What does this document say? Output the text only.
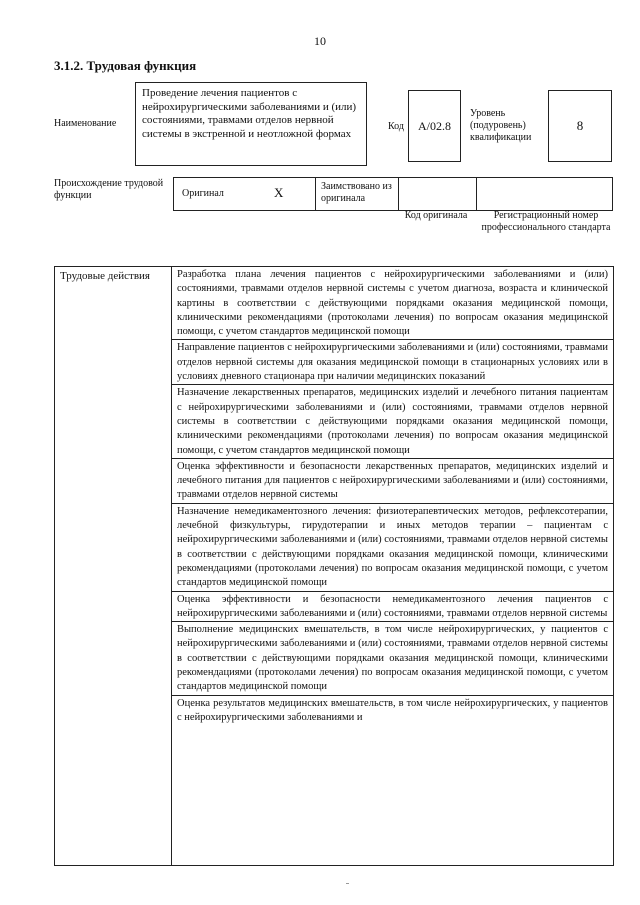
10
3.1.2. Трудовая функция
Наименование
Проведение лечения пациентов с нейрохирургическими заболеваниями и (или) состояниями, травмами отделов нервной системы в экстренной и неотложной формах
Код	А/02.8
Уровень (подуровень) квалификации
8
Происхождение трудовой функции	Оригинал	X	Заимствовано из оригинала
Код оригинала	Регистрационный номер профессионального стандарта
Трудовые действия	Разработка плана лечения пациентов с нейрохирургическими заболеваниями и (или) состояниями, травмами отделов нервной системы с учетом диагноза, возраста и клинической картины в соответствии с действующими порядками оказания медицинской помощи, клиническими рекомендациями (протоколами лечения) по вопросам оказания медицинской помощи, с учетом стандартов медицинской помощи
Направление пациентов с нейрохирургическими заболеваниями и (или) состояниями, травмами отделов нервной системы для оказания медицинской помощи в стационарных условиях или в условиях дневного стационара при наличии медицинских показаний
Назначение лекарственных препаратов, медицинских изделий и лечебного питания пациентам с нейрохирургическими заболеваниями и (или) состояниями, травмами отделов нервной системы в соответствии с действующими порядками оказания медицинской помощи, клиническими рекомендациями (протоколами лечения) по вопросам оказания медицинской помощи, с учетом стандартов медицинской помощи
Оценка эффективности и безопасности лекарственных препаратов, медицинских изделий и лечебного питания для пациентов с нейрохирургическими заболеваниями и (или) состояниями, травмами отделов нервной системы
Назначение немедикаментозного лечения: физиотерапевтических методов, рефлексотерапии, лечебной физкультуры, гирудотерапии и иных методов терапии – пациентам с нейрохирургическими заболеваниями и (или) состояниями, травмами отделов нервной системы в соответствии с действующими порядками оказания медицинской помощи, клиническими рекомендациями (протоколами лечения) по вопросам оказания медицинской помощи, с учетом стандартов медицинской помощи
Оценка эффективности и безопасности немедикаментозного лечения пациентов с нейрохирургическими заболеваниями и (или) состояниями, травмами отделов нервной системы
Выполнение медицинских вмешательств, в том числе нейрохирургических, у пациентов с нейрохирургическими заболеваниями и (или) состояниями, травмами отделов нервной системы в соответствии с действующими порядками оказания медицинской помощи, клиническими рекомендациями (протоколами лечения) по вопросам оказания медицинской помощи, с учетом стандартов медицинской помощи
Оценка результатов медицинских вмешательств, в том числе нейрохирургических, у пациентов с нейрохирургическими заболеваниями и
